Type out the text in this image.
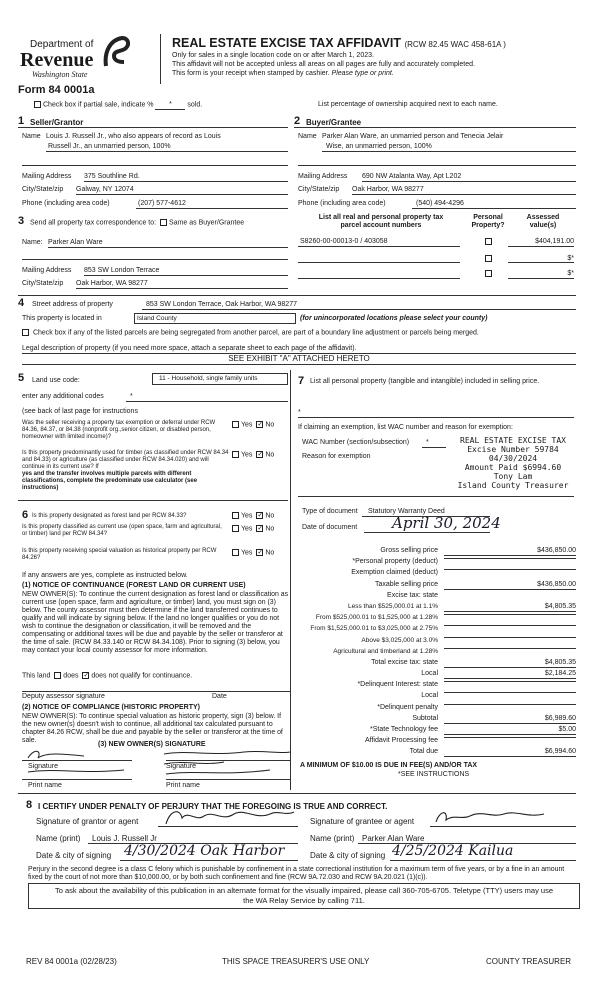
Department of
Revenue
Washington State
Form 84 0001a
REAL ESTATE EXCISE TAX AFFIDAVIT (RCW 82.45 WAC 458-61A )
Only for sales in a single location code on or after March 1, 2023.
This affidavit will not be accepted unless all areas on all pages are fully and accurately completed.
This form is your receipt when stamped by cashier. Please type or print.
Check box if partial sale, indicate % * sold.	List percentage of ownership acquired next to each name.
1 Seller/Grantor
Name Louis J. Russell Jr., who also appears of record as Louis
Russell Jr., an unmarried person, 100%
Mailing Address 375 Southline Rd.
City/State/zip Galway, NY 12074
Phone (including area code)	(207) 577-4612
2 Buyer/Grantee
Name Parker Alan Ware, an unmarried person and Tenecia Jelair
Wise, an unmarried person, 100%
Mailing Address 690 NW Atalanta Way, Apt L202
City/State/zip Oak Harbor, WA 98277
Phone (including area code)	(540) 494-4296
3 Send all property tax correspondence to: Same as Buyer/Grantee
Name: Parker Alan Ware
Mailing Address 853 SW London Terrace
City/State/zip Oak Harbor, WA 98277
List all real and personal property tax
parcel account numbers
Personal
Property?
Assessed
value(s)
S8260-00-00013-0 / 403058	$404,191.00
$*
$*
4 Street address of property	853 SW London Terrace, Oak Harbor, WA 98277
This property is located in	Island County	(for unincorporated locations please select your county)
Check box if any of the listed parcels are being segregated from another parcel, are part of a boundary line adjustment or parcels being merged.
Legal description of property (if you need more space, attach a separate sheet to each page of the affidavit).
SEE EXHIBIT "A" ATTACHED HERETO
5 Land use code:	11 - Household, single family units
enter any additional codes	*
(see back of last page for instructions
Was the seller receiving a property tax exemption or deferral under RCW 84.36, 84.37, or 84.38 (nonprofit org.,senior citizen, or disabled person, homeowner with limited income)?
Yes ✓ No
Is this property predominantly used for timber (as classified under RCW 84.34 and 84.33) or agriculture (as classified under RCW 84.34.020) and will continue in its current use? If
yes and the transfer involves multiple parcels with different classifications, complete the predominate use calculator (see instructions)
Yes ✓ No
6 Is this property designated as forest land per RCW 84.33?	Yes ✓ No
Is this property classified as current use (open space, farm and agricultural, or timber) land per RCW 84.34?
Yes ✓ No
Is this property receiving special valuation as historical property per RCW 84.26?
Yes ✓ No
If any answers are yes, complete as instructed below.
(1) NOTICE OF CONTINUANCE (FOREST LAND OR CURRENT USE)
NEW OWNER(S): To continue the current designation as forest land or classification as current use (open space, farm and agriculture, or timber) land, you must sign on (3) below. The county assessor must then determine if the land transferred continues to qualify and will indicate by signing below. If the land no longer qualifies or you do not wish to continue the designation or classification, it will be removed and the compensating or additional taxes will be due and payable by the seller or transferor at the time of sale. (RCW 84.33.140 or RCW 84.34.108). Prior to signing (3) below, you may contact your local county assessor for more information.
This land does ✓ does not qualify for continuance.
Deputy assessor signature	Date
(2) NOTICE OF COMPLIANCE (HISTORIC PROPERTY)
NEW OWNER(S): To continue special valuation as historic property, sign (3) below. If the new owner(s) doesn't wish to continue, all additional tax calculated pursuant to chapter 84.26 RCW, shall be due and payable by the seller or transferor at the time of sale.
(3) NEW OWNER(S) SIGNATURE
Signature	Signature
Print name	Print name
7 List all personal property (tangible and intangible) included in selling price.
*
If claiming an exemption, list WAC number and reason for exemption:
WAC Number (section/subsection) *
Reason for exemption
REAL ESTATE EXCISE TAX
Excise Number 59784
04/30/2024
Amount Paid $6994.60
Tony Lam
Island County Treasurer
Type of document Statutory Warranty Deed
Date of document April 30, 2024
Gross selling price	$436,850.00
*Personal property (deduct)
Exemption claimed (deduct)
Taxable selling price	$436,850.00
Excise tax: state
Less than $525,000.01 at 1.1%	$4,805.35
From $525,000.01 to $1,525,000 at 1.28%
From $1,525,000.01 to $3,025,000 at 2.75%
Above $3,025,000 at 3.0%
Agricultural and timberland at 1.28%
Total excise tax: state	$4,805.35
Local	$2,184.25
*Delinquent Interest: state
Local
*Delinquent penalty
Subtotal	$6,989.60
*State Technology fee	$5.00
Affidavit Processing fee
Total due	$6,994.60
A MINIMUM OF $10.00 IS DUE IN FEE(S) AND/OR TAX
*SEE INSTRUCTIONS
8 I CERTIFY UNDER PENALTY OF PERJURY THAT THE FOREGOING IS TRUE AND CORRECT.
Signature of grantor or agent	Signature of grantee or agent
Name (print) Louis J. Russell Jr	Name (print) Parker Alan Ware
Date & city of signing 4/30/2024 Oak Harbor	Date & city of signing 4/25/2024 Kailua
Perjury in the second degree is a class C felony which is punishable by confinement in a state correctional institution for a maximum term of five years, or by a fine in an amount fixed by the court of not more than $10,000.00, or by both such confinement and fine (RCW 9A.72.030 and RCW 9A.20.021 (1)(c)).
To ask about the availability of this publication in an alternate format for the visually impaired, please call 360-705-6705. Teletype (TTY) users may use the WA Relay Service by calling 711.
REV 84 0001a (02/28/23)	THIS SPACE TREASURER'S USE ONLY	COUNTY TREASURER
